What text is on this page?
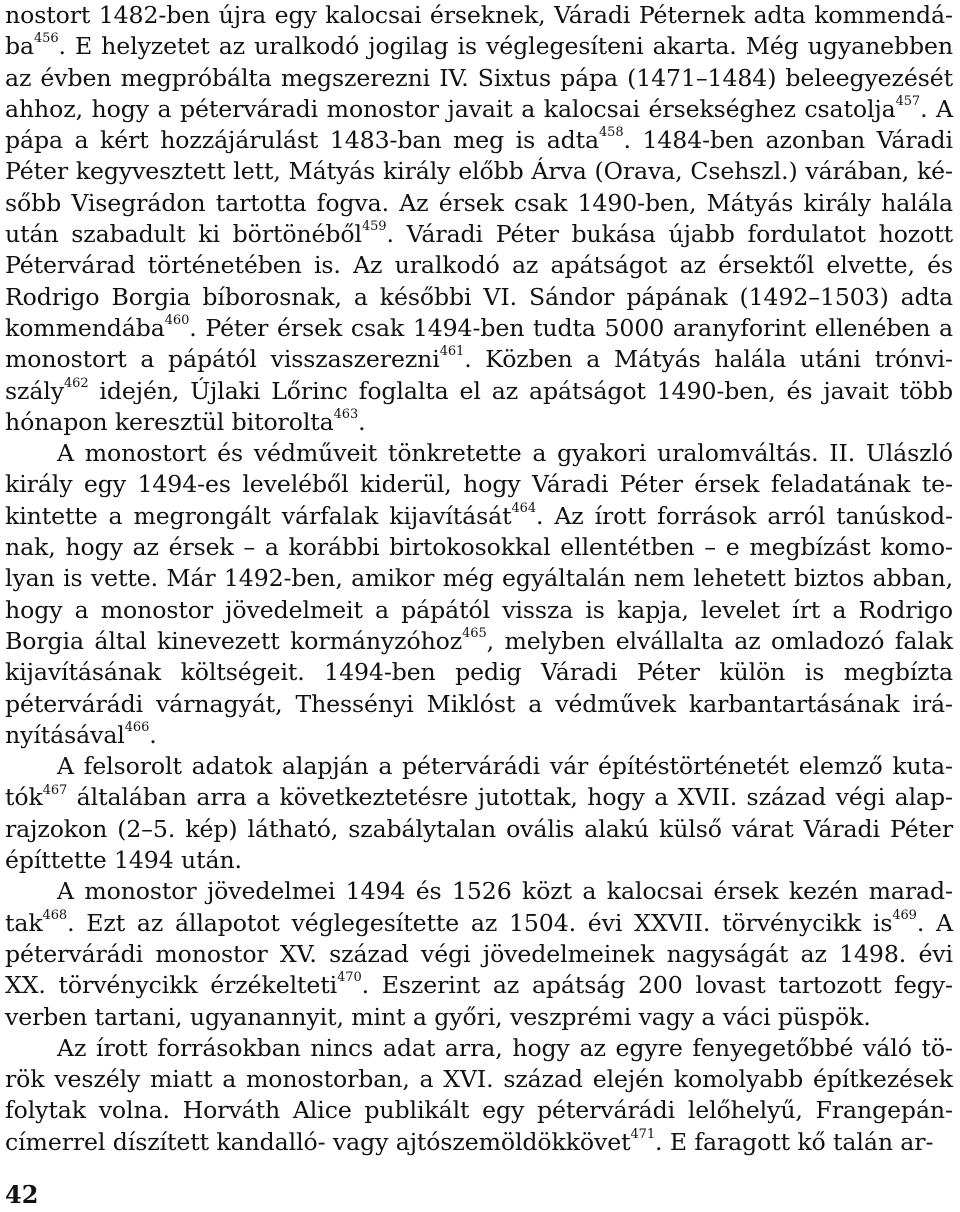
nostort 1482-ben újra egy kalocsai érseknek, Váradi Péternek adta kommendába$^{456}$. E helyzetet az uralkodó jogilag is véglegesíteni akarta. Még ugyanebben az évben megpróbálta megszerezni IV. Sixtus pápa (1471–1484) beleegyezését ahhoz, hogy a péterváradi monostor javait a kalocsai érsekséghez csatolja$^{457}$. A pápa a kért hozzájárulást 1483-ban meg is adta$^{458}$. 1484-ben azonban Váradi Péter kegyvesztett lett, Mátyás király előbb Árva (Orava, Csehszl.) várában, később Visegrádon tartotta fogva. Az érsek csak 1490-ben, Mátyás király halála után szabadult ki börtönéből$^{459}$. Váradi Péter bukása újabb fordulatot hozott Pétervárad történetében is. Az uralkodó az apátságot az érsektől elvette, és Rodrigo Borgia bíborosnak, a későbbi VI. Sándor pápának (1492–1503) adta kommendába$^{460}$. Péter érsek csak 1494-ben tudta 5000 aranyforint ellenében a monostort a pápától visszaszerezni$^{461}$. Közben a Mátyás halála utáni trónviszály$^{462}$ idején, Újlaki Lőrinc foglalta el az apátságot 1490-ben, és javait több hónapon keresztül bitorolta$^{463}$.

A monostort és védműveit tönkretette a gyakori uralomváltás. II. Ulászló király egy 1494-es leveléből kiderül, hogy Váradi Péter érsek feladatának tekintette a megrongált várfalak kijavítását$^{464}$. Az írott források arról tanúskodnak, hogy az érsek – a korábbi birtokosokkal ellentétben – e megbízást komolyan is vette. Már 1492-ben, amikor még egyáltalán nem lehetett biztos abban, hogy a monostor jövedelmeit a pápától vissza is kapja, levelet írt a Rodrigo Borgia által kinevezett kormányzóhoz$^{465}$, melyben elvállalta az omladozó falak kijavításának költségeit. 1494-ben pedig Váradi Péter külön is megbízta pétervárádi várnagyát, Thessényi Miklóst a védművek karbantartásának irányításával$^{466}$.

A felsorolt adatok alapján a pétervárádi vár építéstörténetét elemző kutatók$^{467}$ általában arra a következtetésre jutottak, hogy a XVII. század végi alaprajzokon (2–5. kép) látható, szabálytalan ovális alakú külső várat Váradi Péter építtette 1494 után.

A monostor jövedelmei 1494 és 1526 közt a kalocsai érsek kezén maradtak$^{468}$. Ezt az állapotot véglegesítette az 1504. évi XXVII. törvénycikk $is^{469}$. A pétervárádi monostor XV. század végi jövedelmeinek nagyságát az 1498. évi XX. törvénycikk érzékelteti$^{470}$. Eszerint az apátság 200 lovast tartozott fegyverben tartani, ugyanannyit, mint a győri, veszprémi vagy a váci püspök.

Az írott forrásokban nincs adat arra, hogy az egyre fenyegetőbbé váló török veszély miatt a monostorban, a XVI. század elején komolyabb építkezések folytak volna. Horváth Alice publikált egy pétervárádi lelőhelyű, Frangepáncímerrel díszített kandalló- vagy ajtószemöldökkövet$^{471}$. E faragott kő talán ar-

42
